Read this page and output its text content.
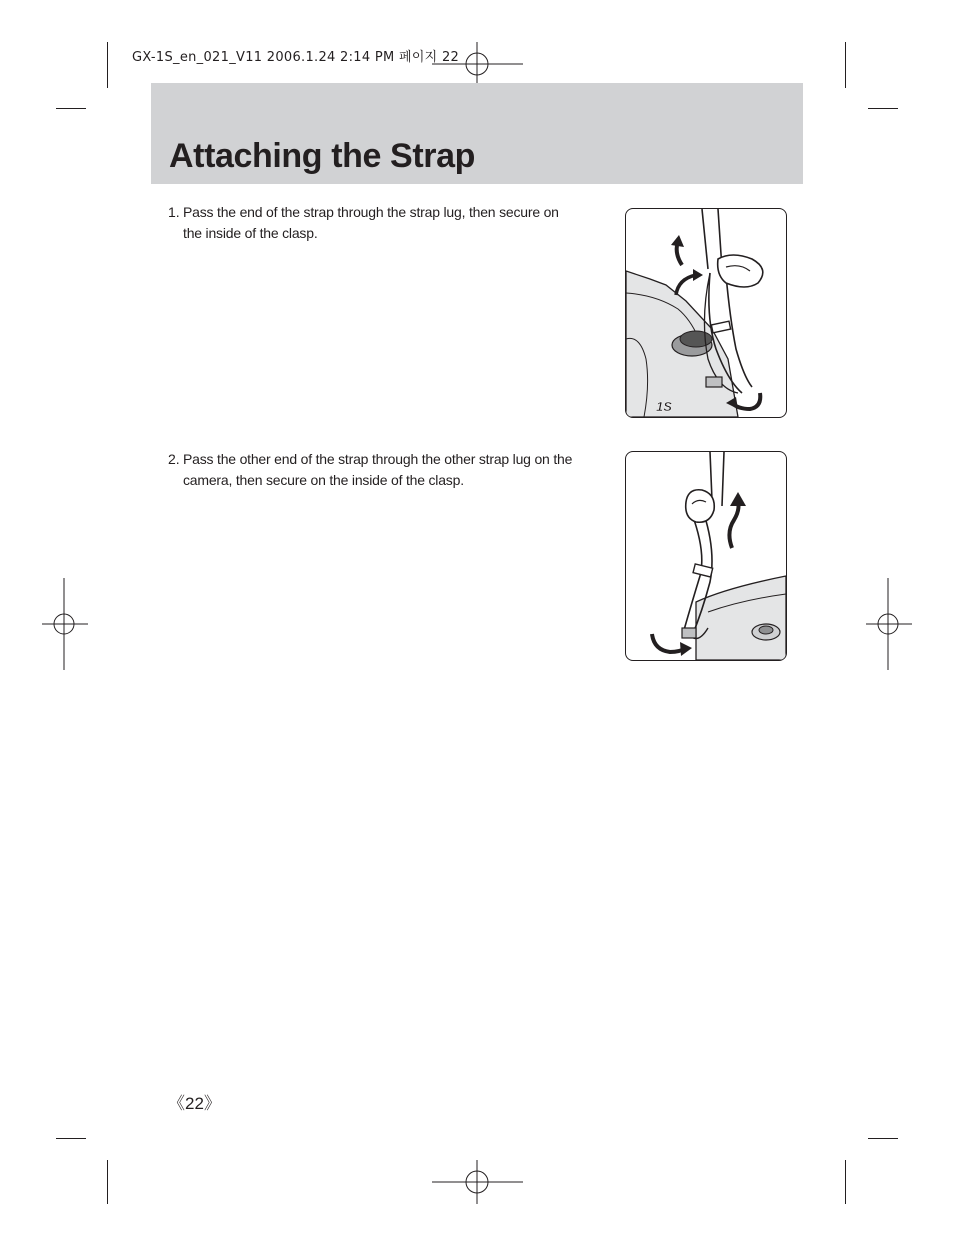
GX-1S_en_021_V11 2006.1.24 2:14 PM 페이지 22
Attaching the Strap
1. Pass the end of the strap through the strap lug, then secure on the inside of the clasp.
1S
2. Pass the other end of the strap through the other strap lug on the camera, then secure on the inside of the clasp.
《22》
